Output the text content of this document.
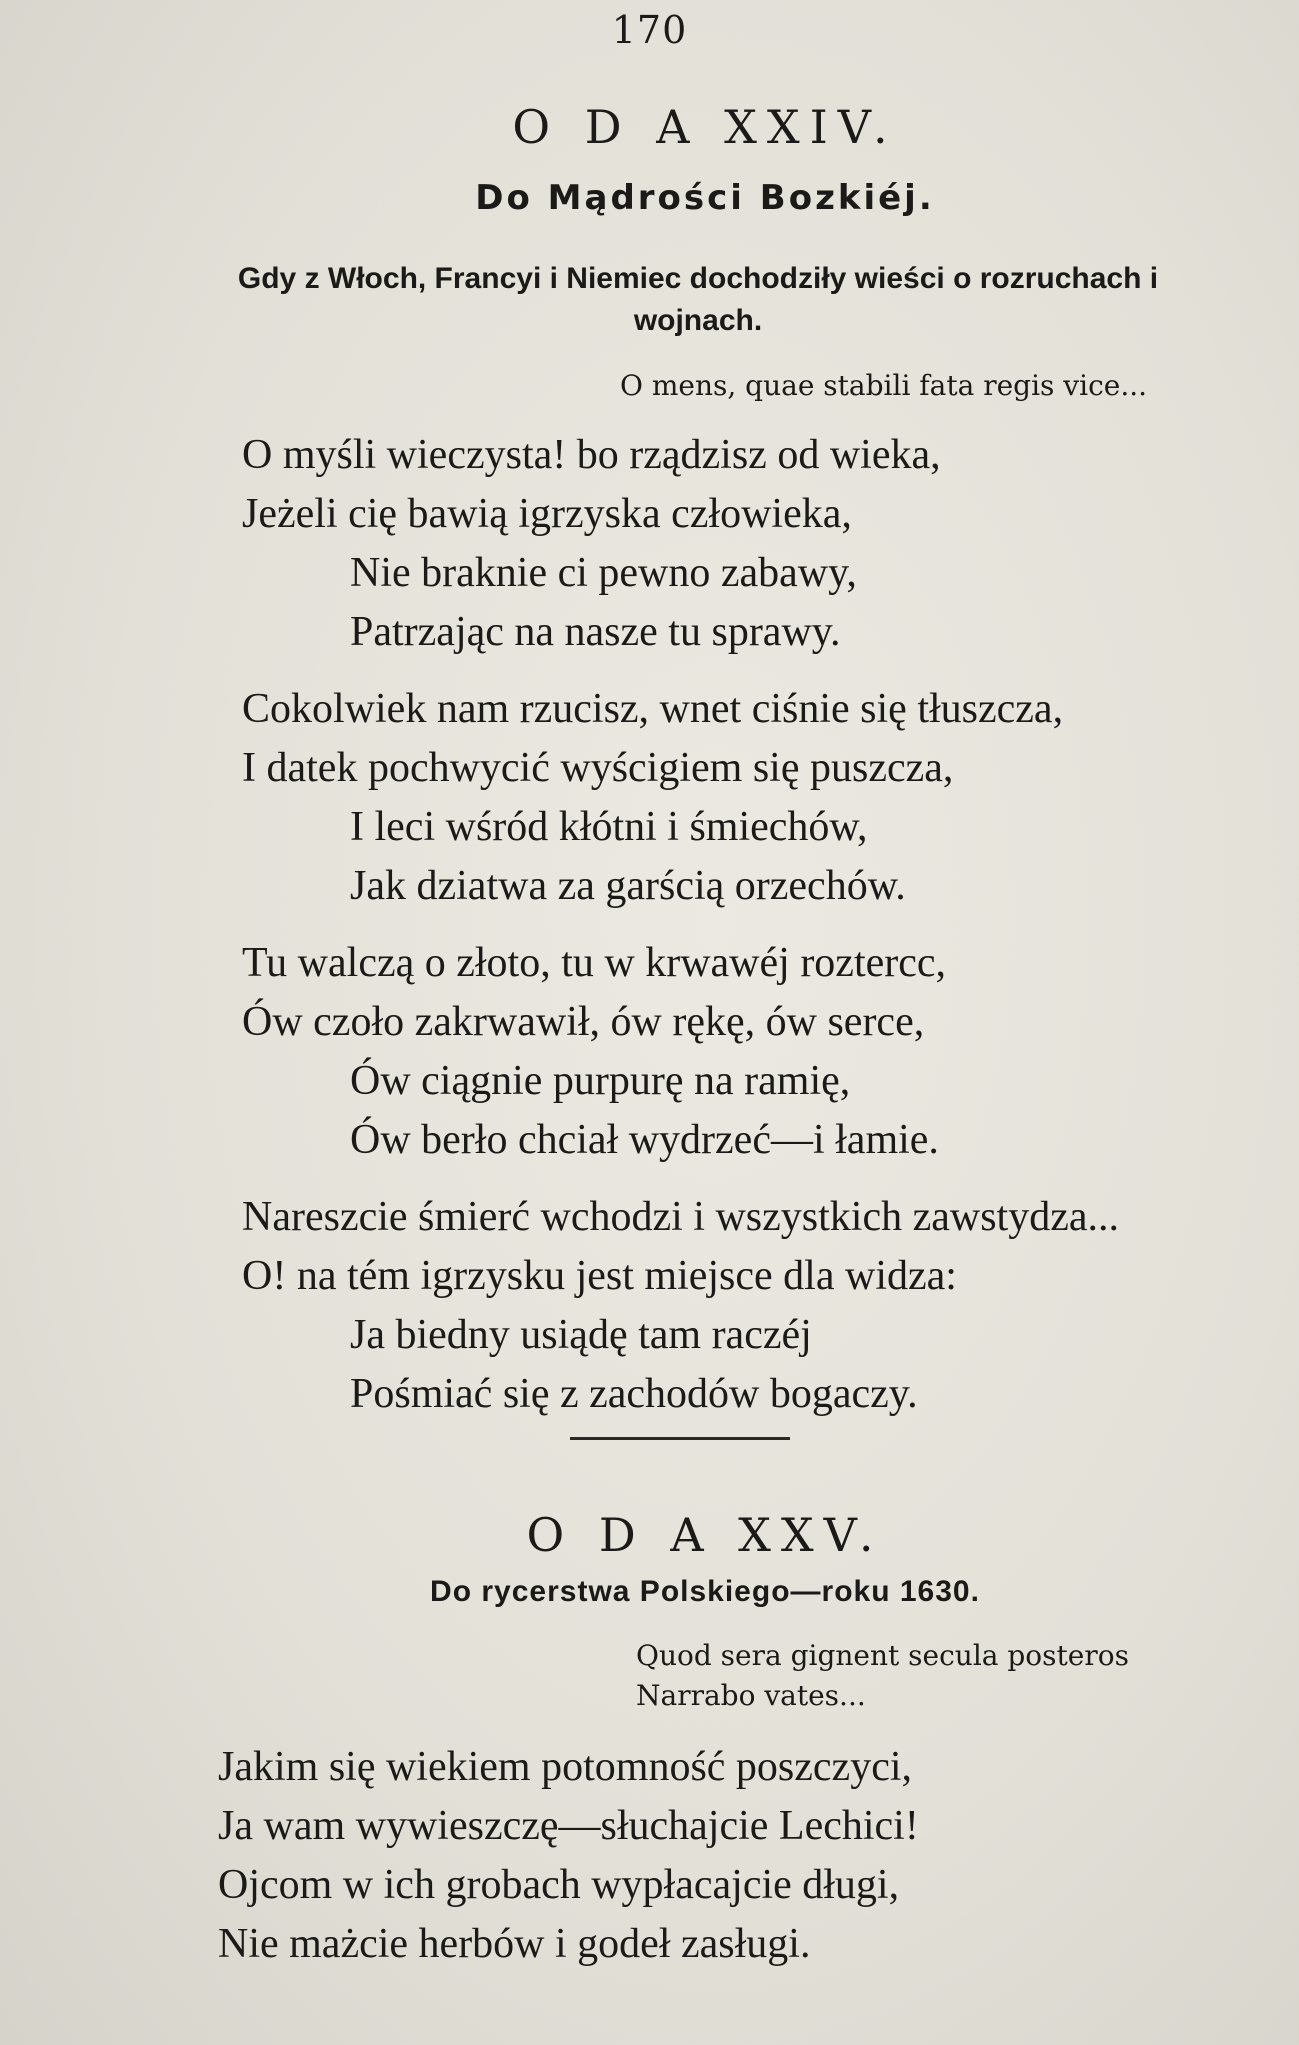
170
O D A XXIV.
Do Mądrości Bozkiéj.
Gdy z Włoch, Francyi i Niemiec dochodziły wieści o rozruchach i wojnach.
O mens, quae stabili fata regis vice...
O myśli wieczysta! bo rządzisz od wieka,
Jeżeli cię bawią igrzyska człowieka,
Nie braknie ci pewno zabawy,
Patrzając na nasze tu sprawy.
Cokolwiek nam rzucisz, wnet ciśnie się tłuszcza,
I datek pochwycić wyścigiem się puszcza,
I leci wśród kłótni i śmiechów,
Jak dziatwa za garścią orzechów.
Tu walczą o złoto, tu w krwawéj roztercc,
Ów czoło zakrwawił, ów rękę, ów serce,
Ów ciągnie purpurę na ramię,
Ów berło chciał wydrzeć—i łamie.
Nareszcie śmierć wchodzi i wszystkich zawstydza...
O! na tém igrzysku jest miejsce dla widza:
Ja biedny usiądę tam raczéj
Pośmiać się z zachodów bogaczy.
O D A XXV.
Do rycerstwa Polskiego—roku 1630.
Quod sera gignent secula posteros
Narrabo vates...
Jakim się wiekiem potomność poszczyci,
Ja wam wywieszczę—słuchajcie Lechici!
Ojcom w ich grobach wypłacajcie długi,
Nie mażcie herbów i godeł zasługi.
